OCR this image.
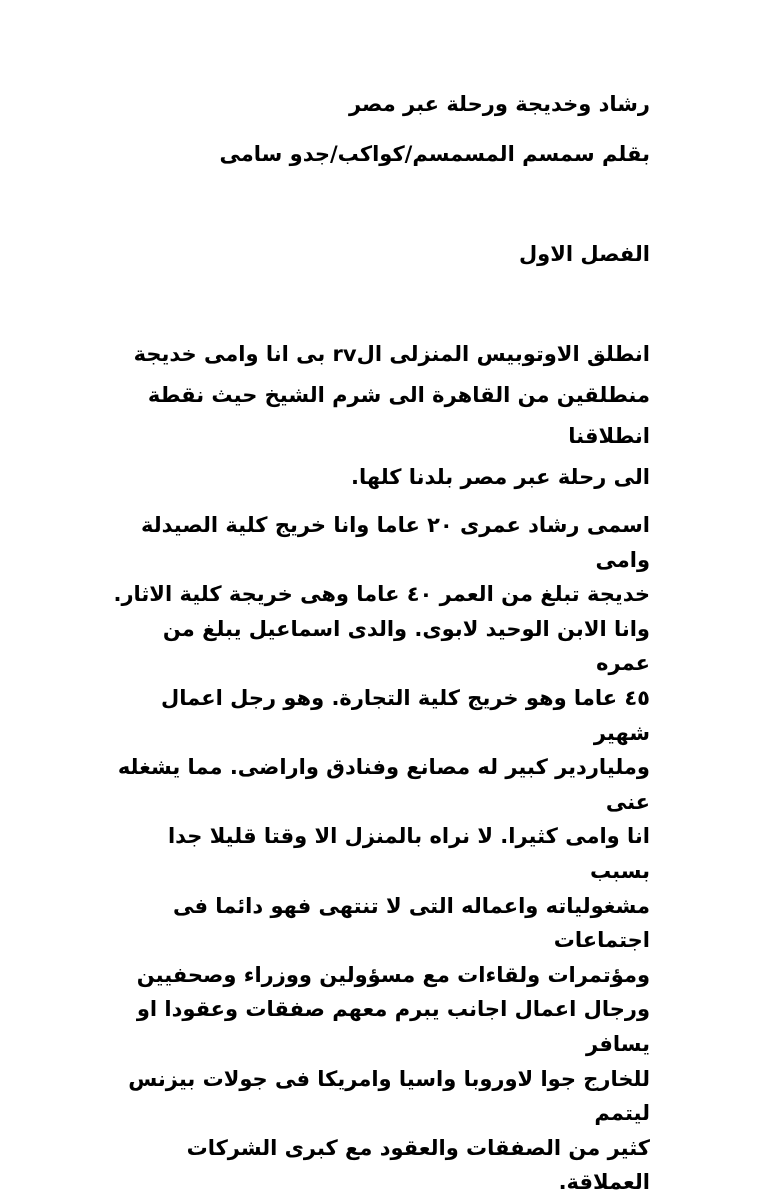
رشاد وخديجة ورحلة عبر مصر
بقلم سمسم المسمسم/كواكب/جدو سامى
الفصل الاول
انطلق الاوتوبيس المنزلى الrv بى انا وامى خديجة
منطلقين من القاهرة الى شرم الشيخ حيث نقطة انطلاقنا
الى رحلة عبر مصر بلدنا كلها.
اسمى رشاد عمرى ٢٠ عاما وانا خريج كلية الصيدلة وامى
خديجة تبلغ من العمر ٤٠ عاما وهى خريجة كلية الاثار.
وانا الابن الوحيد لابوى. والدى اسماعيل يبلغ من عمره
٤٥ عاما وهو خريج كلية التجارة. وهو رجل اعمال شهير
وملياردير كبير له مصانع وفنادق واراضى. مما يشغله عنى
انا وامى كثيرا. لا نراه بالمنزل الا وقتا قليلا جدا بسبب
مشغولياته واعماله التى لا تنتهى فهو دائما فى اجتماعات
ومؤتمرات ولقاءات مع مسؤولين ووزراء وصحفيين
ورجال اعمال اجانب يبرم معهم صفقات وعقودا او يسافر
للخارج جوا لاوروبا واسيا وامريكا فى جولات بيزنس ليتمم
كثير من الصفقات والعقود مع كبرى الشركات العملاقة.
